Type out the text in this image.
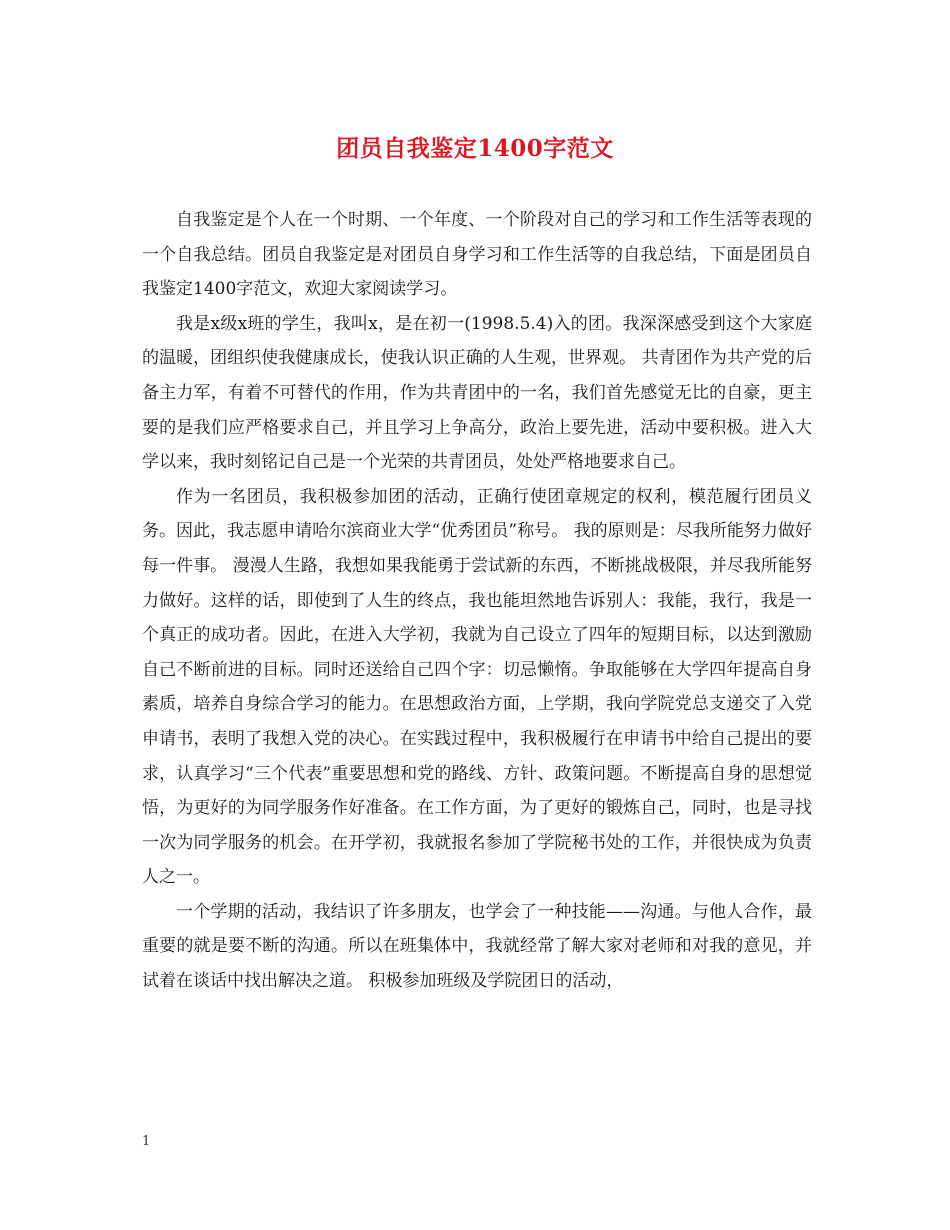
团员自我鉴定1400字范文

自我鉴定是个人在一个时期、一个年度、一个阶段对自己的学习和工作生活等表现的一个自我总结。团员自我鉴定是对团员自身学习和工作生活等的自我总结，下面是团员自我鉴定1400字范文，欢迎大家阅读学习。

我是x级x班的学生，我叫x，是在初一(1998.5.4)入的团。我深深感受到这个大家庭的温暖，团组织使我健康成长，使我认识正确的人生观，世界观。 共青团作为共产党的后备主力军，有着不可替代的作用，作为共青团中的一名，我们首先感觉无比的自豪，更主要的是我们应严格要求自己，并且学习上争高分，政治上要先进，活动中要积极。进入大学以来，我时刻铭记自己是一个光荣的共青团员，处处严格地要求自己。

作为一名团员，我积极参加团的活动，正确行使团章规定的权利，模范履行团员义务。因此，我志愿申请哈尔滨商业大学“优秀团员”称号。 我的原则是：尽我所能努力做好每一件事。 漫漫人生路，我想如果我能勇于尝试新的东西，不断挑战极限，并尽我所能努力做好。这样的话，即使到了人生的终点，我也能坦然地告诉别人：我能，我行，我是一个真正的成功者。因此，在进入大学初，我就为自己设立了四年的短期目标，以达到激励自己不断前进的目标。同时还送给自己四个字：切忌懒惰。争取能够在大学四年提高自身素质，培养自身综合学习的能力。在思想政治方面，上学期，我向学院党总支递交了入党申请书，表明了我想入党的决心。在实践过程中，我积极履行在申请书中给自己提出的要求，认真学习“三个代表”重要思想和党的路线、方针、政策问题。不断提高自身的思想觉悟，为更好的为同学服务作好准备。在工作方面，为了更好的锻炼自己，同时，也是寻找一次为同学服务的机会。在开学初，我就报名参加了学院秘书处的工作，并很快成为负责人之一。

一个学期的活动，我结识了许多朋友，也学会了一种技能——沟通。与他人合作，最重要的就是要不断的沟通。所以在班集体中，我就经常了解大家对老师和对我的意见，并试着在谈话中找出解决之道。 积极参加班级及学院团日的活动，

1
